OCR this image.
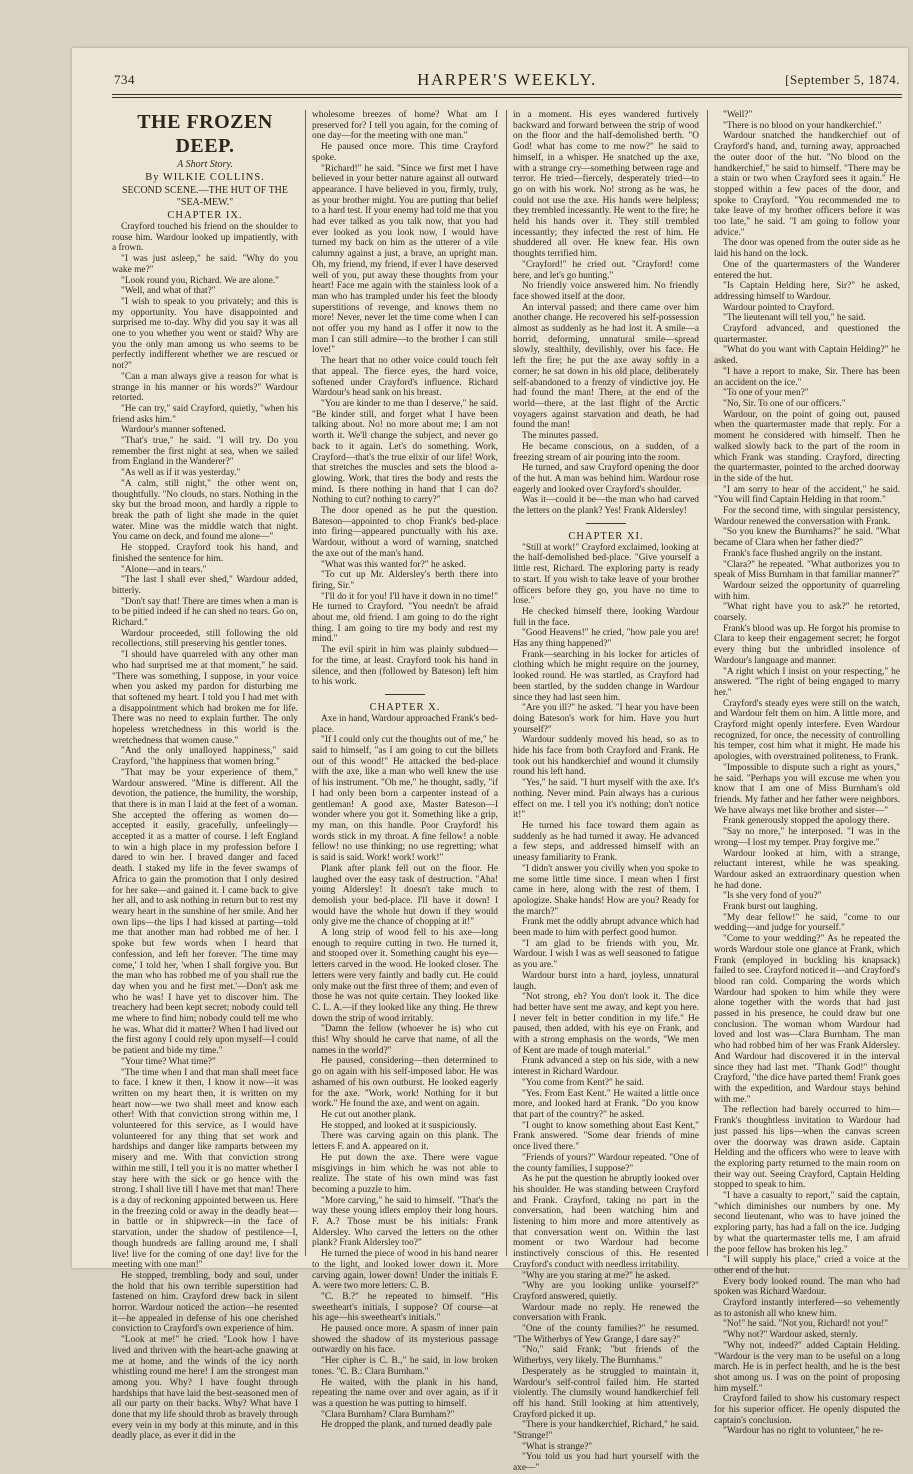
734	HARPER'S WEEKLY.	[September 5, 1874.

THE FROZEN DEEP.

A Short Story.

By WILKIE COLLINS.

SECOND SCENE.—THE HUT OF THE "SEA-MEW."

CHAPTER IX.

Crayford touched his friend on the shoulder to rouse him. Wardour looked up impatiently, with a frown.

"I was just asleep," he said. "Why do you wake me?"

"Look round you, Richard. We are alone."

"Well, and what of that?"

"I wish to speak to you privately; and this is my opportunity. You have disappointed and surprised me to-day. Why did you say it was all one to you whether you went or staid? Why are you the only man among us who seems to be perfectly indifferent whether we are rescued or not?"

"Can a man always give a reason for what is strange in his manner or his words?" Wardour retorted.

"He can try," said Crayford, quietly, "when his friend asks him."

Wardour's manner softened.

"That's true," he said. "I will try. Do you remember the first night at sea, when we sailed from England in the Wanderer?"

"As well as if it was yesterday."

"A calm, still night," the other went on, thoughtfully. "No clouds, no stars. Nothing in the sky but the broad moon, and hardly a ripple to break the path of light she made in the quiet water. Mine was the middle watch that night. You came on deck, and found me alone—"

He stopped. Crayford took his hand, and finished the sentence for him.

"Alone—and in tears."

"The last I shall ever shed," Wardour added, bitterly.

"Don't say that! There are times when a man is to be pitied indeed if he can shed no tears. Go on, Richard."

Wardour proceeded, still following the old recollections, still preserving his gentler tones.

"I should have quarreled with any other man who had surprised me at that moment," he said. "There was something, I suppose, in your voice when you asked my pardon for disturbing me that softened my heart. I told you I had met with a disappointment which had broken me for life. There was no need to explain further. The only hopeless wretchedness in this world is the wretchedness that women cause."

"And the only unalloyed happiness," said Crayford, "the happiness that women bring."

"That may be your experience of them," Wardour answered. "Mine is different. All the devotion, the patience, the humility, the worship, that there is in man I laid at the feet of a woman. She accepted the offering as women do—accepted it easily, gracefully, unfeelingly—accepted it as a matter of course. I left England to win a high place in my profession before I dared to win her. I braved danger and faced death. I staked my life in the fever swamps of Africa to gain the promotion that I only desired for her sake—and gained it. I came back to give her all, and to ask nothing in return but to rest my weary heart in the sunshine of her smile. And her own lips—the lips I had kissed at parting—told me that another man had robbed me of her. I spoke but few words when I heard that confession, and left her forever. 'The time may come,' I told her, 'when I shall forgive you. But the man who has robbed me of you shall rue the day when you and he first met.'—Don't ask me who he was! I have yet to discover him. The treachery had been kept secret; nobody could tell me where to find him; nobody could tell me who he was. What did it matter? When I had lived out the first agony I could rely upon myself—I could be patient and bide my time."

"Your time? What time?"

"The time when I and that man shall meet face to face. I knew it then, I know it now—it was written on my heart then, it is written on my heart now—we two shall meet and know each other! With that conviction strong within me, I volunteered for this service, as I would have volunteered for any thing that set work and hardships and danger like ramparts between my misery and me. With that conviction strong within me still, I tell you it is no matter whether I stay here with the sick or go hence with the strong. I shall live till I have met that man! There is a day of reckoning appointed between us. Here in the freezing cold or away in the deadly heat—in battle or in shipwreck—in the face of starvation, under the shadow of pestilence—I, though hundreds are falling around me, I shall live! live for the coming of one day! live for the meeting with one man!"

He stopped, trembling, body and soul, under the hold that his own terrible superstition had fastened on him. Crayford drew back in silent horror. Wardour noticed the action—he resented it—he appealed in defense of his one cherished conviction to Crayford's own experience of him.

"Look at me!" he cried. "Look how I have lived and thriven with the heart-ache gnawing at me at home, and the winds of the icy north whistling round me here! I am the strongest man among you. Why? I have fought through hardships that have laid the best-seasoned men of all our party on their backs. Why? What have I done that my life should throb as bravely through every vein in my body at this minute, and in this deadly place, as ever it did in the

wholesome breezes of home? What am I preserved for? I tell you again, for the coming of one day—for the meeting with one man."

He paused once more. This time Crayford spoke.

"Richard!" he said. "Since we first met I have believed in your better nature against all outward appearance. I have believed in you, firmly, truly, as your brother might. You are putting that belief to a hard test. If your enemy had told me that you had ever talked as you talk now, that you had ever looked as you look now, I would have turned my back on him as the utterer of a vile calumny against a just, a brave, an upright man. Oh, my friend, my friend, if ever I have deserved well of you, put away these thoughts from your heart! Face me again with the stainless look of a man who has trampled under his feet the bloody superstitions of revenge, and knows them no more! Never, never let the time come when I can not offer you my hand as I offer it now to the man I can still admire—to the brother I can still love!"

The heart that no other voice could touch felt that appeal. The fierce eyes, the hard voice, softened under Crayford's influence. Richard Wardour's head sank on his breast.

"You are kinder to me than I deserve," he said. "Be kinder still, and forget what I have been talking about. No! no more about me; I am not worth it. We'll change the subject, and never go back to it again. Let's do something. Work, Crayford—that's the true elixir of our life! Work, that stretches the muscles and sets the blood a-glowing. Work, that tires the body and rests the mind. Is there nothing in hand that I can do? Nothing to cut? nothing to carry?"

The door opened as he put the question. Bateson—appointed to chop Frank's bed-place into firing—appeared punctually with his axe. Wardour, without a word of warning, snatched the axe out of the man's hand.

"What was this wanted for?" he asked.

"To cut up Mr. Aldersley's berth there into firing, Sir."

"I'll do it for you! I'll have it down in no time!" He turned to Crayford. "You needn't be afraid about me, old friend. I am going to do the right thing. I am going to tire my body and rest my mind."

The evil spirit in him was plainly subdued—for the time, at least. Crayford took his hand in silence, and then (followed by Bateson) left him to his work.

CHAPTER X.

Axe in hand, Wardour approached Frank's bed-place.

"If I could only cut the thoughts out of me," he said to himself, "as I am going to cut the billets out of this wood!" He attacked the bed-place with the axe, like a man who well knew the use of his instrument. "Oh me," he thought, sadly, "if I had only been born a carpenter instead of a gentleman! A good axe, Master Bateson—I wonder where you got it. Something like a grip, my man, on this handle. Poor Crayford! his words stick in my throat. A fine fellow! a noble fellow! no use thinking; no use regretting; what is said is said. Work! work! work!"

Plank after plank fell out on the floor. He laughed over the easy task of destruction. "Aha! young Aldersley! It doesn't take much to demolish your bed-place. I'll have it down! I would have the whole hut down if they would only give me the chance of chopping at it!"

A long strip of wood fell to his axe—long enough to require cutting in two. He turned it, and stooped over it. Something caught his eye—letters carved in the wood. He looked closer. The letters were very faintly and badly cut. He could only make out the first three of them; and even of those he was not quite certain. They looked like C. L. A.—if they looked like any thing. He threw down the strip of wood irritably.

"Damn the fellow (whoever he is) who cut this! Why should he carve that name, of all the names in the world?"

He paused, considering—then determined to go on again with his self-imposed labor. He was ashamed of his own outburst. He looked eagerly for the axe. "Work, work! Nothing for it but work." He found the axe, and went on again.

He cut out another plank.

He stopped, and looked at it suspiciously.

There was carving again on this plank. The letters F. and A. appeared on it.

He put down the axe. There were vague misgivings in him which he was not able to realize. The state of his own mind was fast becoming a puzzle to him.

"More carving," he said to himself. "That's the way these young idlers employ their long hours. F. A.? Those must be his initials: Frank Aldersley. Who carved the letters on the other plank? Frank Aldersley too?"

He turned the piece of wood in his hand nearer to the light, and looked lower down it. More carving again, lower down! Under the initials F. A. were two more letters: C. B.

"C. B.?" he repeated to himself. "His sweetheart's initials, I suppose? Of course—at his age—his sweetheart's initials."

He paused once more. A spasm of inner pain showed the shadow of its mysterious passage outwardly on his face.

"Her cipher is C. B.," he said, in low broken tones. "C. B.: Clara Burnham."

He waited, with the plank in his hand, repeating the name over and over again, as if it was a question he was putting to himself.

"Clara Burnham? Clara Burnham?"

He dropped the plank, and turned deadly pale

in a moment. His eyes wandered furtively backward and forward between the strip of wood on the floor and the half-demolished berth. "O God! what has come to me now?" he said to himself, in a whisper. He snatched up the axe, with a strange cry—something between rage and terror. He tried—fiercely, desperately tried—to go on with his work. No! strong as he was, he could not use the axe. His hands were helpless; they trembled incessantly. He went to the fire; he held his hands over it. They still trembled incessantly; they infected the rest of him. He shuddered all over. He knew fear. His own thoughts terrified him.

"Crayford!" he cried out. "Crayford! come here, and let's go hunting."

No friendly voice answered him. No friendly face showed itself at the door.

An interval passed; and there came over him another change. He recovered his self-possession almost as suddenly as he had lost it. A smile—a horrid, deforming, unnatural smile—spread slowly, stealthily, devilishly, over his face. He left the fire; he put the axe away softly in a corner; he sat down in his old place, deliberately self-abandoned to a frenzy of vindictive joy. He had found the man! There, at the end of the world—there, at the last flight of the Arctic voyagers against starvation and death, he had found the man!

The minutes passed.

He became conscious, on a sudden, of a freezing stream of air pouring into the room.

He turned, and saw Crayford opening the door of the hut. A man was behind him. Wardour rose eagerly and looked over Crayford's shoulder.

Was it—could it be—the man who had carved the letters on the plank? Yes! Frank Aldersley!

CHAPTER XI.

"Still at work!" Crayford exclaimed, looking at the half-demolished bed-place. "Give yourself a little rest, Richard. The exploring party is ready to start. If you wish to take leave of your brother officers before they go, you have no time to lose."

He checked himself there, looking Wardour full in the face.

"Good Heavens!" he cried, "how pale you are! Has any thing happened?"

Frank—searching in his locker for articles of clothing which he might require on the journey, looked round. He was startled, as Crayford had been startled, by the sudden change in Wardour since they had last seen him.

"Are you ill?" he asked. "I hear you have been doing Bateson's work for him. Have you hurt yourself?"

Wardour suddenly moved his head, so as to hide his face from both Crayford and Frank. He took out his handkerchief and wound it clumsily round his left hand.

"Yes," he said. "I hurt myself with the axe. It's nothing. Never mind. Pain always has a curious effect on me. I tell you it's nothing; don't notice it!"

He turned his face toward them again as suddenly as he had turned it away. He advanced a few steps, and addressed himself with an uneasy familiarity to Frank.

"I didn't answer you civilly when you spoke to me some little time since. I mean when I first came in here, along with the rest of them. I apologize. Shake hands! How are you? Ready for the march?"

Frank met the oddly abrupt advance which had been made to him with perfect good humor.

"I am glad to be friends with you, Mr. Wardour. I wish I was as well seasoned to fatigue as you are."

Wardour burst into a hard, joyless, unnatural laugh.

"Not strong, eh? You don't look it. The dice had better have sent me away, and kept you here. I never felt in better condition in my life." He paused, then added, with his eye on Frank, and with a strong emphasis on the words, "We men of Kent are made of tough material."

Frank advanced a step on his side, with a new interest in Richard Wardour.

"You come from Kent?" he said.

"Yes. From East Kent." He waited a little once more, and looked hard at Frank. "Do you know that part of the country?" he asked.

"I ought to know something about East Kent," Frank answered. "Some dear friends of mine once lived there."

"Friends of yours?" Wardour repeated. "One of the county families, I suppose?"

As he put the question he abruptly looked over his shoulder. He was standing between Crayford and Frank. Crayford, taking no part in the conversation, had been watching him and listening to him more and more attentively as that conversation went on. Within the last moment or two Wardour had become instinctively conscious of this. He resented Crayford's conduct with needless irritability.

"Why are you staring at me?" he asked.

"Why are you looking unlike yourself?" Crayford answered, quietly.

Wardour made no reply. He renewed the conversation with Frank.

"One of the county families?" he resumed. "The Witherbys of Yew Grange, I dare say?"

"No," said Frank; "but friends of the Witherbys, very likely. The Burnhams."

Desperately as he struggled to maintain it, Wardour's self-control failed him. He started violently. The clumsily wound handkerchief fell off his hand. Still looking at him attentively, Crayford picked it up.

"There is your handkerchief, Richard," he said. "Strange!"

"What is strange?"

"You told us you had hurt yourself with the axe—"

"Well?"

"There is no blood on your handkerchief."

Wardour snatched the handkerchief out of Crayford's hand, and, turning away, approached the outer door of the hut. "No blood on the handkerchief," he said to himself. "There may be a stain or two when Crayford sees it again." He stopped within a few paces of the door, and spoke to Crayford. "You recommended me to take leave of my brother officers before it was too late," he said. "I am going to follow your advice."

The door was opened from the outer side as he laid his hand on the lock.

One of the quartermasters of the Wanderer entered the hut.

"Is Captain Helding here, Sir?" he asked, addressing himself to Wardour.

Wardour pointed to Crayford.

"The lieutenant will tell you," he said.

Crayford advanced, and questioned the quartermaster.

"What do you want with Captain Helding?" he asked.

"I have a report to make, Sir. There has been an accident on the ice."

"To one of your men?"

"No, Sir. To one of our officers."

Wardour, on the point of going out, paused when the quartermaster made that reply. For a moment he considered with himself. Then he walked slowly back to the part of the room in which Frank was standing. Crayford, directing the quartermaster, pointed to the arched doorway in the side of the hut.

"I am sorry to hear of the accident," he said. "You will find Captain Helding in that room."

For the second time, with singular persistency, Wardour renewed the conversation with Frank.

"So you knew the Burnhams?" he said. "What became of Clara when her father died?"

Frank's face flushed angrily on the instant.

"Clara?" he repeated. "What authorizes you to speak of Miss Burnham in that familiar manner?"

Wardour seized the opportunity of quarreling with him.

"What right have you to ask?" he retorted, coarsely.

Frank's blood was up. He forgot his promise to Clara to keep their engagement secret; he forgot every thing but the unbridled insolence of Wardour's language and manner.

"A right which I insist on your respecting," he answered. "The right of being engaged to marry her."

Crayford's steady eyes were still on the watch, and Wardour felt them on him. A little more, and Crayford might openly interfere. Even Wardour recognized, for once, the necessity of controlling his temper, cost him what it might. He made his apologies, with overstrained politeness, to Frank.

"Impossible to dispute such a right as yours," he said. "Perhaps you will excuse me when you know that I am one of Miss Burnham's old friends. My father and her father were neighbors. We have always met like brother and sister—"

Frank generously stopped the apology there.

"Say no more," he interposed. "I was in the wrong—I lost my temper. Pray forgive me."

Wardour looked at him, with a strange, reluctant interest, while he was speaking. Wardour asked an extraordinary question when he had done.

"Is she very fond of you?"

Frank burst out laughing.

"My dear fellow!" he said, "come to our wedding—and judge for yourself."

"Come to your wedding?" As he repeated the words Wardour stole one glance at Frank, which Frank (employed in buckling his knapsack) failed to see. Crayford noticed it—and Crayford's blood ran cold. Comparing the words which Wardour had spoken to him while they were alone together with the words that had just passed in his presence, he could draw but one conclusion. The woman whom Wardour had loved and lost was—Clara Burnham. The man who had robbed him of her was Frank Aldersley. And Wardour had discovered it in the interval since they had last met. "Thank God!" thought Crayford, "the dice have parted them! Frank goes with the expedition, and Wardour stays behind with me."

The reflection had barely occurred to him—Frank's thoughtless invitation to Wardour had just passed his lips—when the canvas screen over the doorway was drawn aside. Captain Helding and the officers who were to leave with the exploring party returned to the main room on their way out. Seeing Crayford, Captain Helding stopped to speak to him.

"I have a casualty to report," said the captain, "which diminishes our numbers by one. My second lieutenant, who was to have joined the exploring party, has had a fall on the ice. Judging by what the quartermaster tells me, I am afraid the poor fellow has broken his leg."

"I will supply his place," cried a voice at the other end of the hut.

Every body looked round. The man who had spoken was Richard Wardour.

Crayford instantly interfered—so vehemently as to astonish all who knew him.

"No!" he said. "Not you, Richard! not you!"

"Why not?" Wardour asked, sternly.

"Why not, indeed?" added Captain Helding. "Wardour is the very man to be useful on a long march. He is in perfect health, and he is the best shot among us. I was on the point of proposing him myself."

Crayford failed to show his customary respect for his superior officer. He openly disputed the captain's conclusion.

"Wardour has no right to volunteer," he re-
